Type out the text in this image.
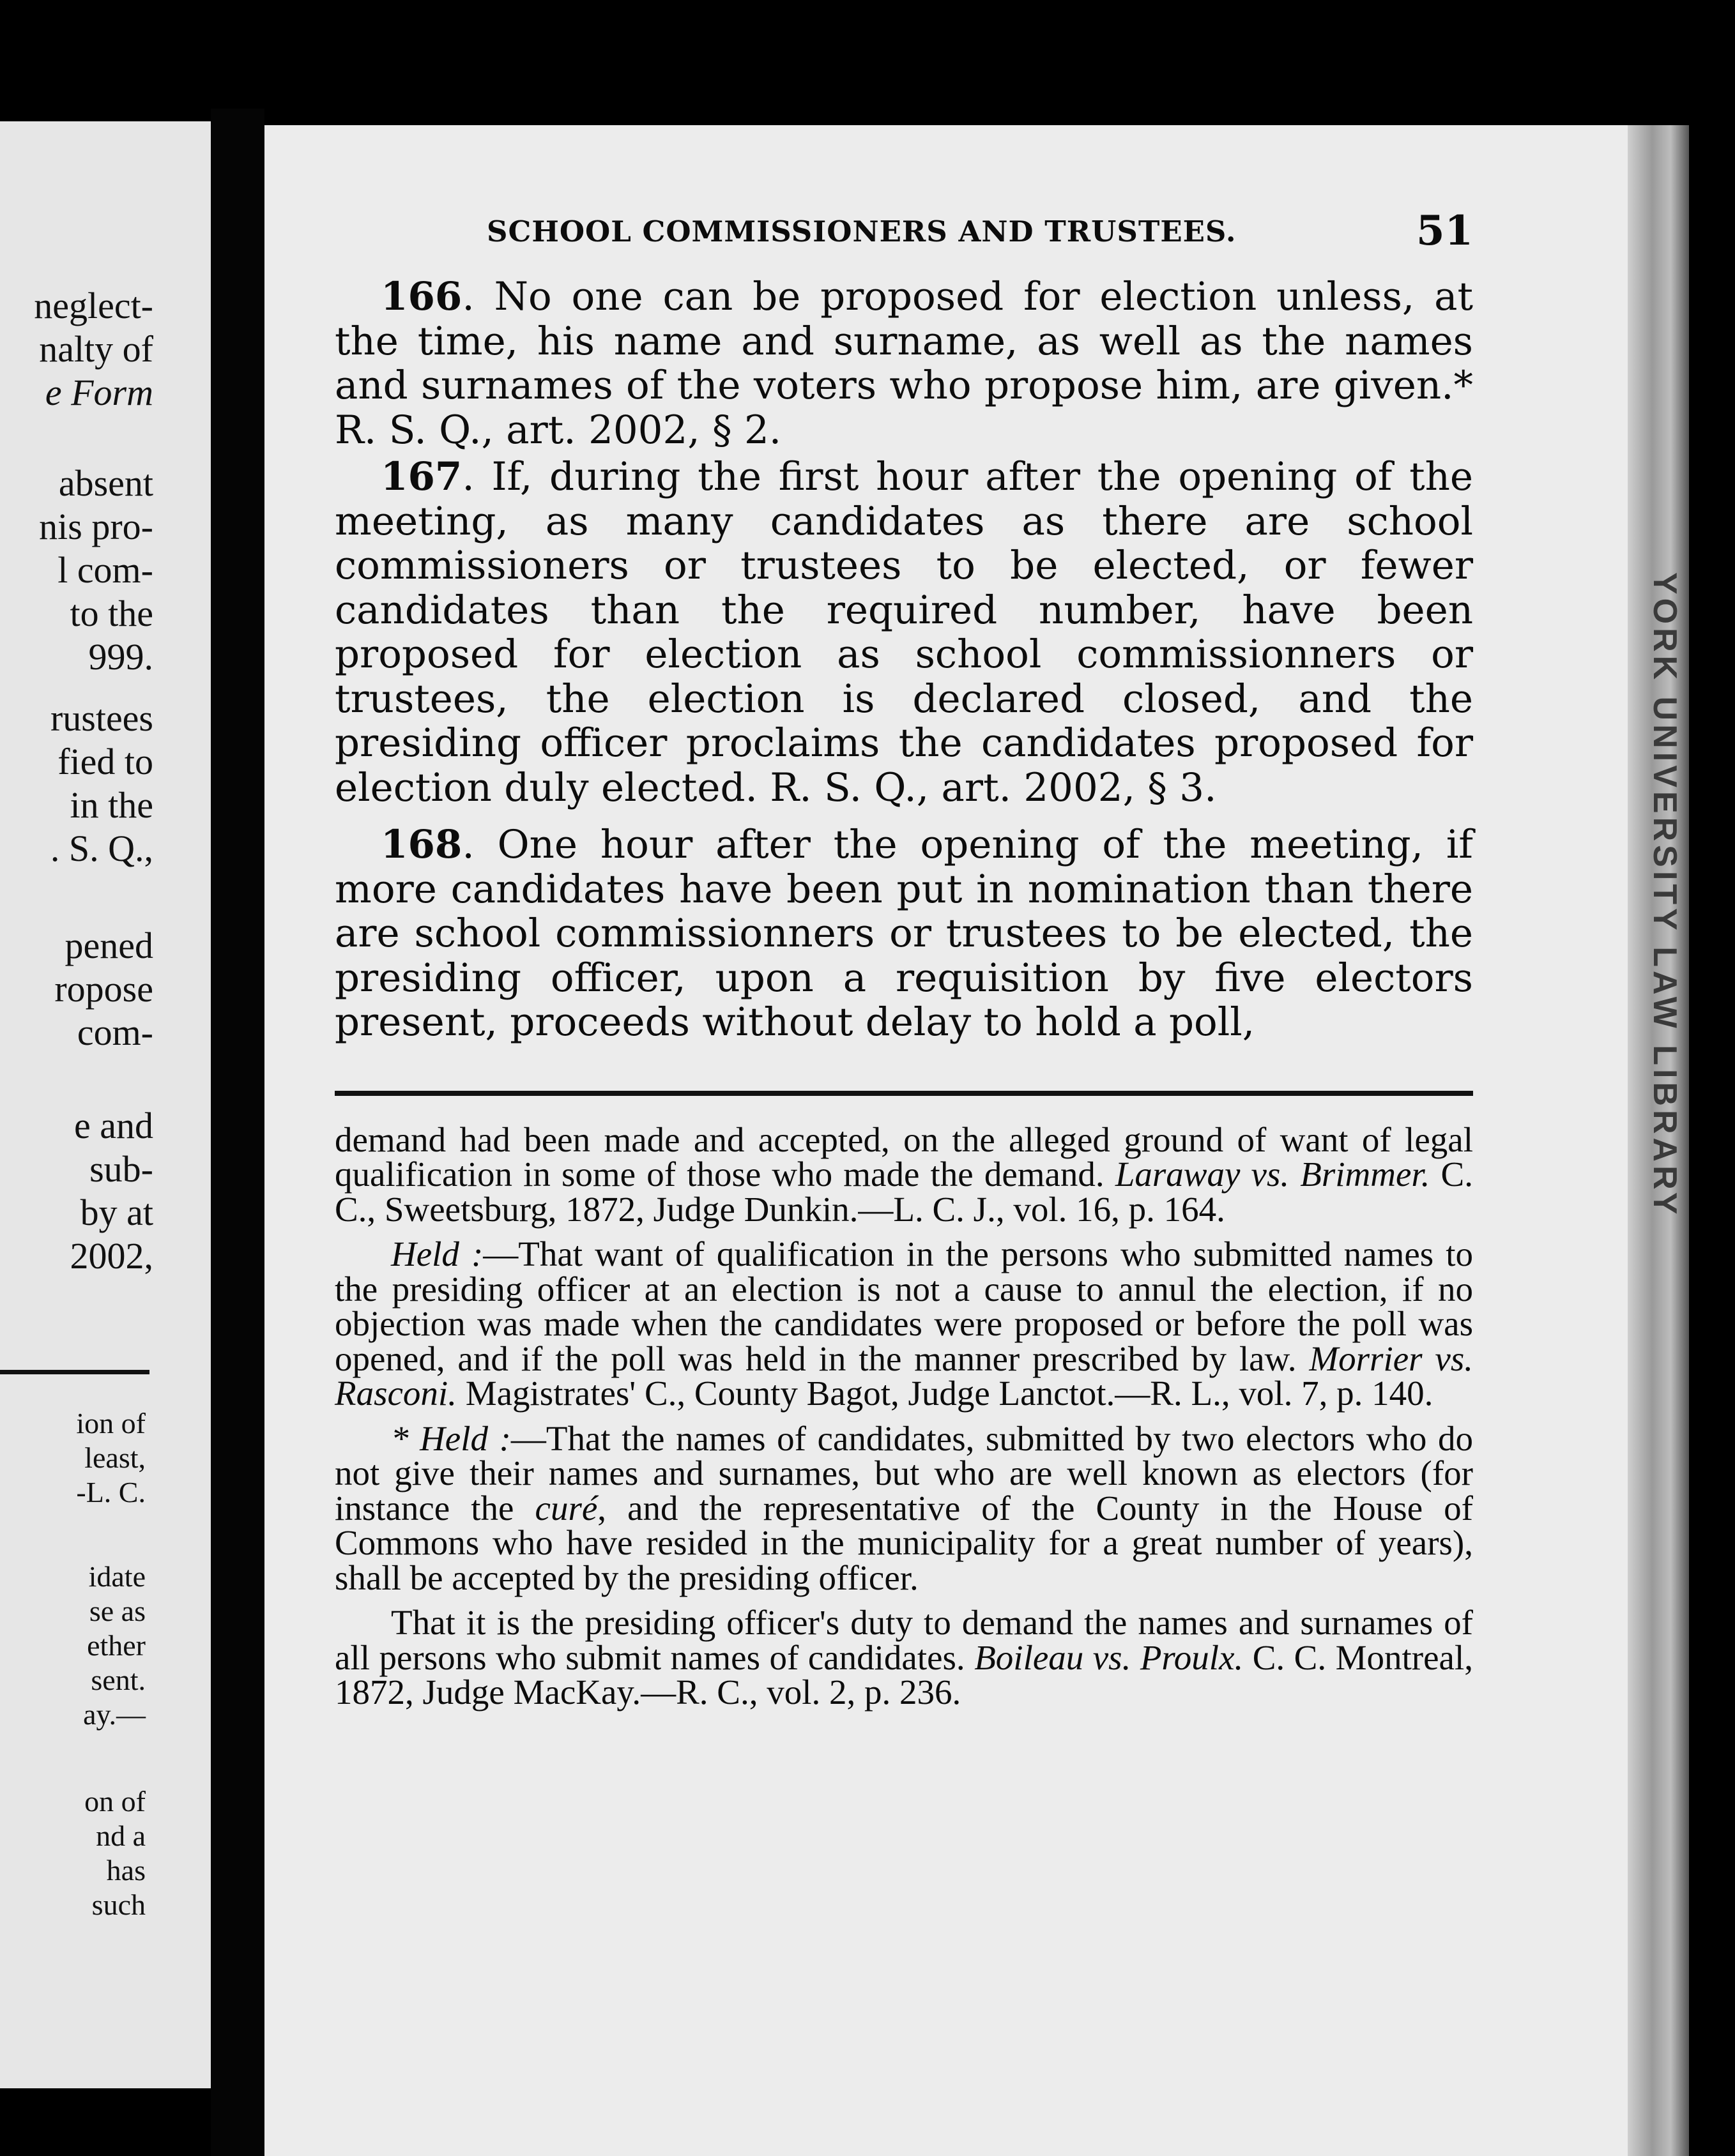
neglect-
nalty of
e Form
absent
nis pro-
l com-
to the
999.
rustees
fied to
in the
. S. Q.,
pened
ropose
com-
e and
sub-
by at
2002,
ion of
least,
-L. C.
idate
se as
ether
sent.
ay.—
on of
nd a
has
such
SCHOOL COMMISSIONERS AND TRUSTEES.	51

166. No one can be proposed for election unless, at the time, his name and surname, as well as the names and surnames of the voters who propose him, are given.* R. S. Q., art. 2002, § 2.

167. If, during the first hour after the opening of the meeting, as many candidates as there are school commissioners or trustees to be elected, or fewer candidates than the required number, have been proposed for election as school commissionners or trustees, the election is declared closed, and the presiding officer proclaims the candidates proposed for election duly elected. R. S. Q., art. 2002, § 3.

168. One hour after the opening of the meeting, if more candidates have been put in nomination than there are school commissionners or trustees to be elected, the presiding officer, upon a requisition by five electors present, proceeds without delay to hold a poll,

demand had been made and accepted, on the alleged ground of want of legal qualification in some of those who made the demand. Laraway vs. Brimmer. C. C., Sweetsburg, 1872, Judge Dunkin.—L. C. J., vol. 16, p. 164.

Held :—That want of qualification in the persons who submitted names to the presiding officer at an election is not a cause to annul the election, if no objection was made when the candidates were proposed or before the poll was opened, and if the poll was held in the manner prescribed by law. Morrier vs. Rasconi. Magistrates' C., County Bagot, Judge Lanctot.—R. L., vol. 7, p. 140.

* Held :—That the names of candidates, submitted by two electors who do not give their names and surnames, but who are well known as electors (for instance the curé, and the representative of the County in the House of Commons who have resided in the municipality for a great number of years), shall be accepted by the presiding officer.

That it is the presiding officer's duty to demand the names and surnames of all persons who submit names of candidates. Boileau vs. Proulx. C. C. Montreal, 1872, Judge MacKay.—R. C., vol. 2, p. 236.

YORK UNIVERSITY LAW LIBRARY
